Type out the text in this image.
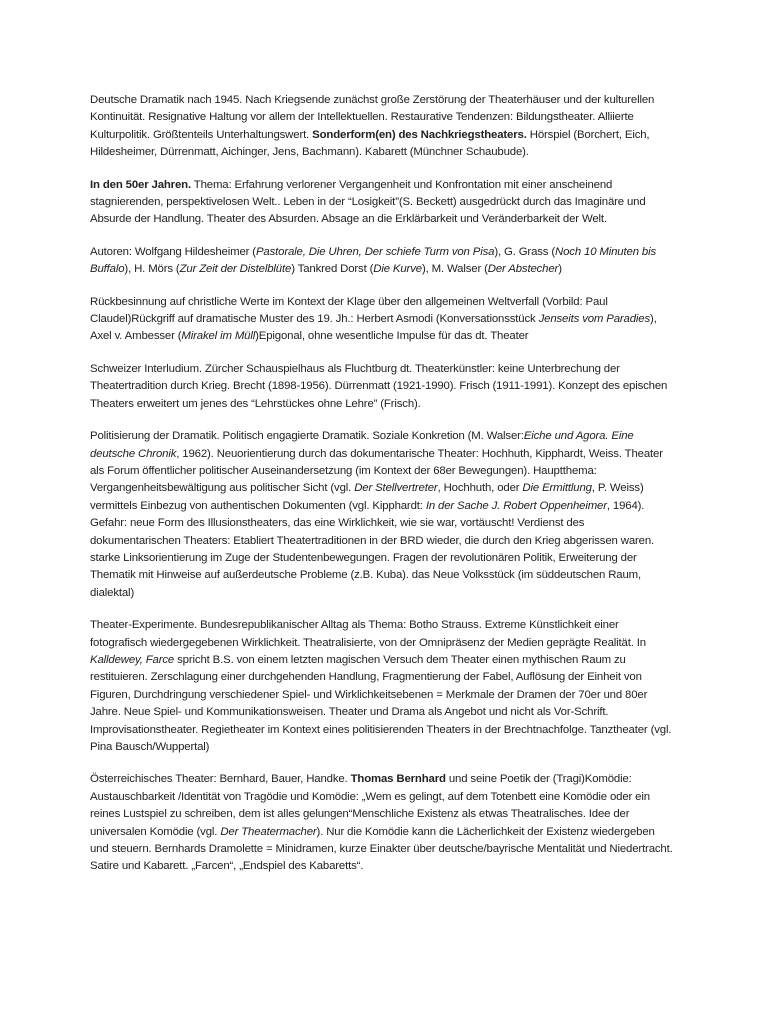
Deutsche Dramatik nach 1945. Nach Kriegsende zunächst große Zerstörung der Theaterhäuser und der kulturellen Kontinuität. Resignative Haltung vor allem der Intellektuellen. Restaurative Tendenzen: Bildungstheater. Alliierte Kulturpolitik. Größtenteils Unterhaltungswert. Sonderform(en) des Nachkriegstheaters. Hörspiel (Borchert, Eich, Hildesheimer, Dürrenmatt, Aichinger, Jens, Bachmann). Kabarett (Münchner Schaubude).

In den 50er Jahren. Thema: Erfahrung verlorener Vergangenheit und Konfrontation mit einer anscheinend stagnierenden, perspektivelosen Welt.. Leben in der “Losigkeit”(S. Beckett) ausgedrückt durch das Imaginäre und Absurde der Handlung. Theater des Absurden. Absage an die Erklärbarkeit und Veränderbarkeit der Welt.

Autoren: Wolfgang Hildesheimer (Pastorale, Die Uhren, Der schiefe Turm von Pisa), G. Grass (Noch 10 Minuten bis Buffalo), H. Mörs (Zur Zeit der Distelblüte) Tankred Dorst (Die Kurve), M. Walser (Der Abstecher)

Rückbesinnung auf christliche Werte im Kontext der Klage über den allgemeinen Weltverfall (Vorbild: Paul Claudel)Rückgriff auf dramatische Muster des 19. Jh.: Herbert Asmodi (Konversationsstück Jenseits vom Paradies), Axel v. Ambesser (Mirakel im Müll)Epigonal, ohne wesentliche Impulse für das dt. Theater

Schweizer Interludium. Zürcher Schauspielhaus als Fluchtburg dt. Theaterkünstler: keine Unterbrechung der Theatertradition durch Krieg. Brecht (1898-1956). Dürrenmatt (1921-1990). Frisch (1911-1991). Konzept des epischen Theaters erweitert um jenes des “Lehrstückes ohne Lehre” (Frisch).

Politisierung der Dramatik. Politisch engagierte Dramatik. Soziale Konkretion (M. Walser:Eiche und Agora. Eine deutsche Chronik, 1962). Neuorientierung durch das dokumentarische Theater: Hochhuth, Kipphardt, Weiss. Theater als Forum öffentlicher politischer Auseinandersetzung (im Kontext der 68er Bewegungen). Hauptthema: Vergangenheitsbewältigung aus politischer Sicht (vgl. Der Stellvertreter, Hochhuth, oder Die Ermittlung, P. Weiss) vermittels Einbezug von authentischen Dokumenten (vgl. Kipphardt: In der Sache J. Robert Oppenheimer, 1964). Gefahr: neue Form des Illusionstheaters, das eine Wirklichkeit, wie sie war, vortäuscht! Verdienst des dokumentarischen Theaters: Etabliert Theatertraditionen in der BRD wieder, die durch den Krieg abgerissen waren. starke Linksorientierung im Zuge der Studentenbewegungen. Fragen der revolutionären Politik, Erweiterung der Thematik mit Hinweise auf außerdeutsche Probleme (z.B. Kuba). das Neue Volksstück (im süddeutschen Raum, dialektal)

Theater-Experimente. Bundesrepublikanischer Alltag als Thema: Botho Strauss. Extreme Künstlichkeit einer fotografisch wiedergegebenen Wirklichkeit. Theatralisierte, von der Omnipräsenz der Medien geprägte Realität. In Kalldewey, Farce spricht B.S. von einem letzten magischen Versuch dem Theater einen mythischen Raum zu restituieren. Zerschlagung einer durchgehenden Handlung, Fragmentierung der Fabel, Auflösung der Einheit von Figuren, Durchdringung verschiedener Spiel- und Wirklichkeitsebenen = Merkmale der Dramen der 70er und 80er Jahre. Neue Spiel- und Kommunikationsweisen. Theater und Drama als Angebot und nicht als Vor-Schrift. Improvisationstheater. Regietheater im Kontext eines politisierenden Theaters in der Brechtnachfolge. Tanztheater (vgl. Pina Bausch/Wuppertal)

Österreichisches Theater: Bernhard, Bauer, Handke. Thomas Bernhard und seine Poetik der (Tragi)Komödie: Austauschbarkeit /Identität von Tragödie und Komödie: „Wem es gelingt, auf dem Totenbett eine Komödie oder ein reines Lustspiel zu schreiben, dem ist alles gelungen“Menschliche Existenz als etwas Theatralisches. Idee der universalen Komödie (vgl. Der Theatermacher). Nur die Komödie kann die Lächerlichkeit der Existenz wiedergeben und steuern. Bernhards Dramolette = Minidramen, kurze Einakter über deutsche/bayrische Mentalität und Niedertracht. Satire und Kabarett. „Farcen“, „Endspiel des Kabaretts“.
